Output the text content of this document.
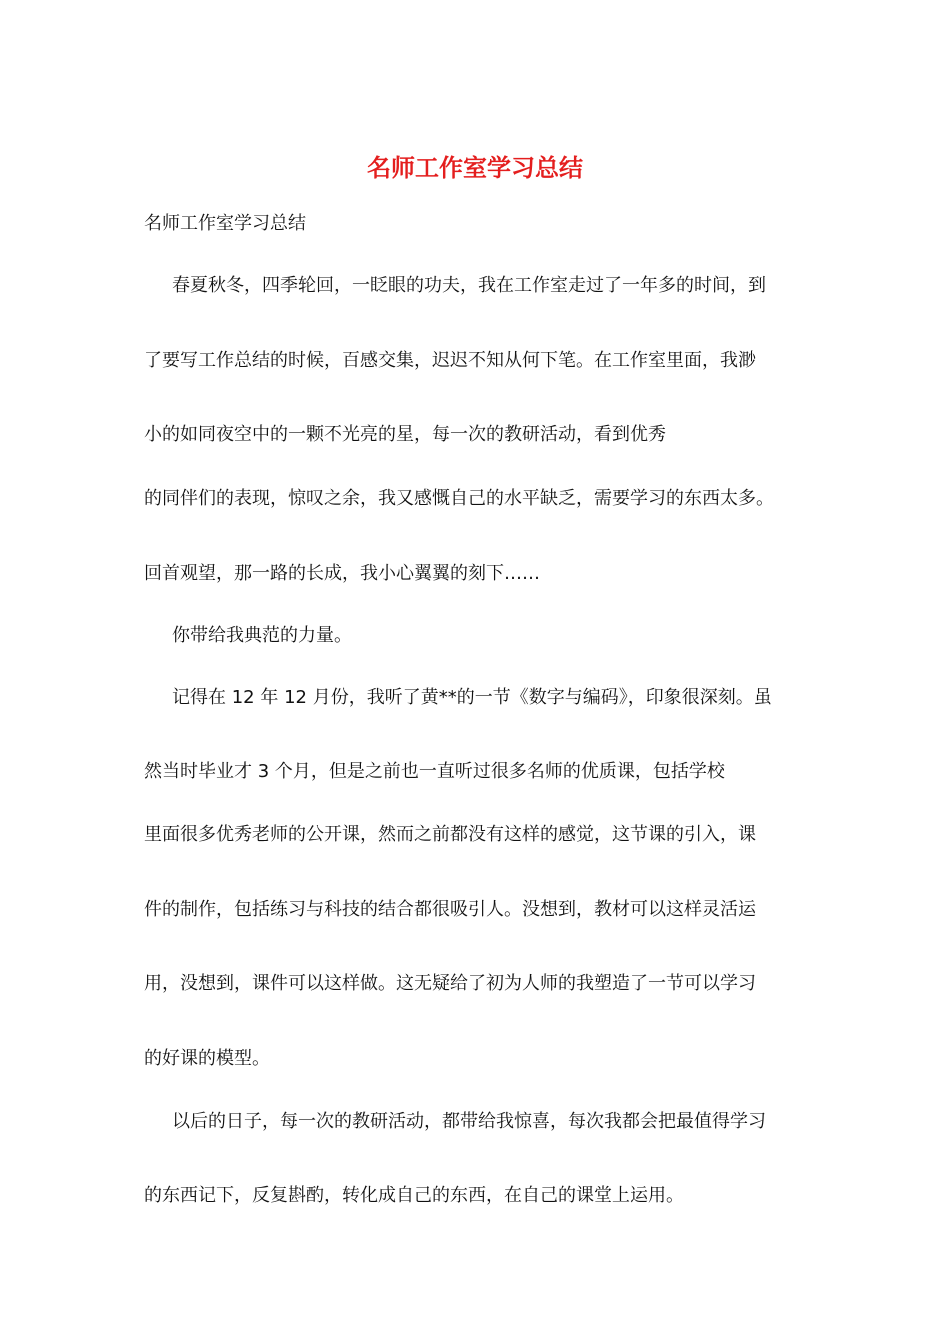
名师工作室学习总结
名师工作室学习总结
春夏秋冬，四季轮回，一眨眼的功夫，我在工作室走过了一年多的时间，到
了要写工作总结的时候，百感交集，迟迟不知从何下笔。在工作室里面，我渺
小的如同夜空中的一颗不光亮的星，每一次的教研活动，看到优秀
的同伴们的表现，惊叹之余，我又感慨自己的水平缺乏，需要学习的东西太多。
回首观望，那一路的长成，我小心翼翼的刻下……
你带给我典范的力量。
记得在 12 年 12 月份，我听了黄**的一节《数字与编码》，印象很深刻。虽
然当时毕业才 3 个月，但是之前也一直听过很多名师的优质课，包括学校
里面很多优秀老师的公开课，然而之前都没有这样的感觉，这节课的引入，课
件的制作，包括练习与科技的结合都很吸引人。没想到，教材可以这样灵活运
用，没想到，课件可以这样做。这无疑给了初为人师的我塑造了一节可以学习
的好课的模型。
以后的日子，每一次的教研活动，都带给我惊喜，每次我都会把最值得学习
的东西记下，反复斟酌，转化成自己的东西，在自己的课堂上运用。
